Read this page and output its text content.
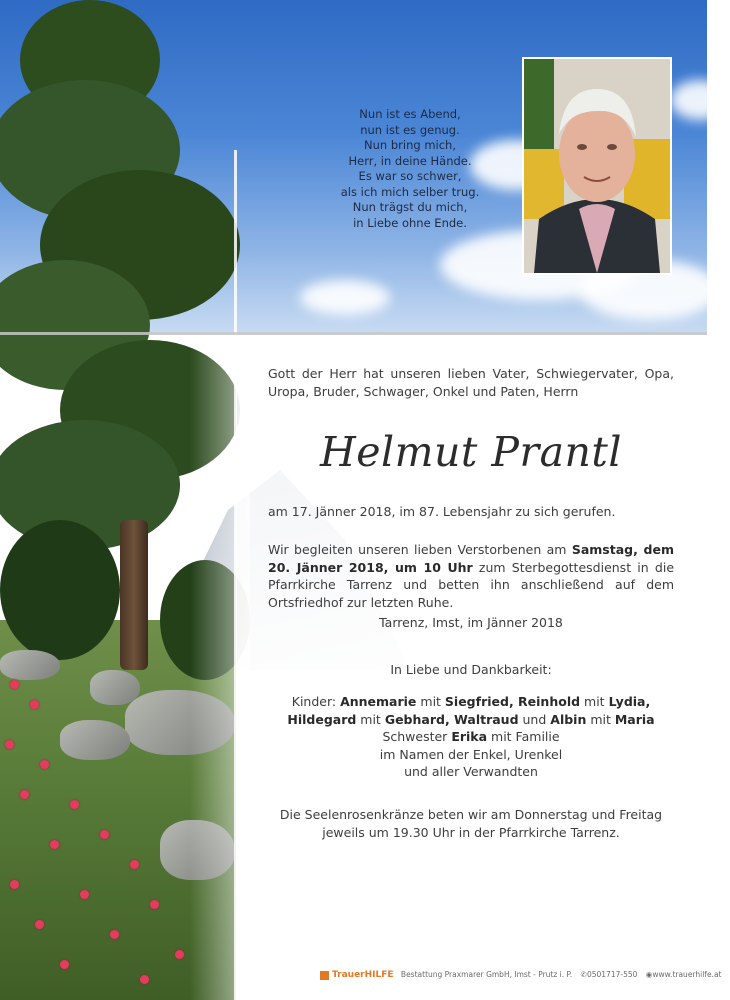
Nun ist es Abend,
nun ist es genug.
Nun bring mich,
Herr, in deine Hände.
Es war so schwer,
als ich mich selber trug.
Nun trägst du mich,
in Liebe ohne Ende.
Gott der Herr hat unseren lieben Vater, Schwiegervater, Opa, Uropa, Bruder, Schwager, Onkel und Paten, Herrn
Helmut Prantl
am 17. Jänner 2018, im 87. Lebensjahr zu sich gerufen.
Wir begleiten unseren lieben Verstorbenen am Samstag, dem 20. Jänner 2018, um 10 Uhr zum Sterbegottesdienst in die Pfarrkirche Tarrenz und betten ihn anschließend auf dem Ortsfriedhof zur letzten Ruhe.
Tarrenz, Imst, im Jänner 2018
In Liebe und Dankbarkeit:
Kinder: Annemarie mit Siegfried, Reinhold mit Lydia,
Hildegard mit Gebhard, Waltraud und Albin mit Maria
Schwester Erika mit Familie
im Namen der Enkel, Urenkel
und aller Verwandten
Die Seelenrosenkränze beten wir am Donnerstag und Freitag jeweils um 19.30 Uhr in der Pfarrkirche Tarrenz.
TrauerHILFE Bestattung Praxmarer GmbH, Imst - Prutz i. P. ✆0501717-550 ◉www.trauerhilfe.at
